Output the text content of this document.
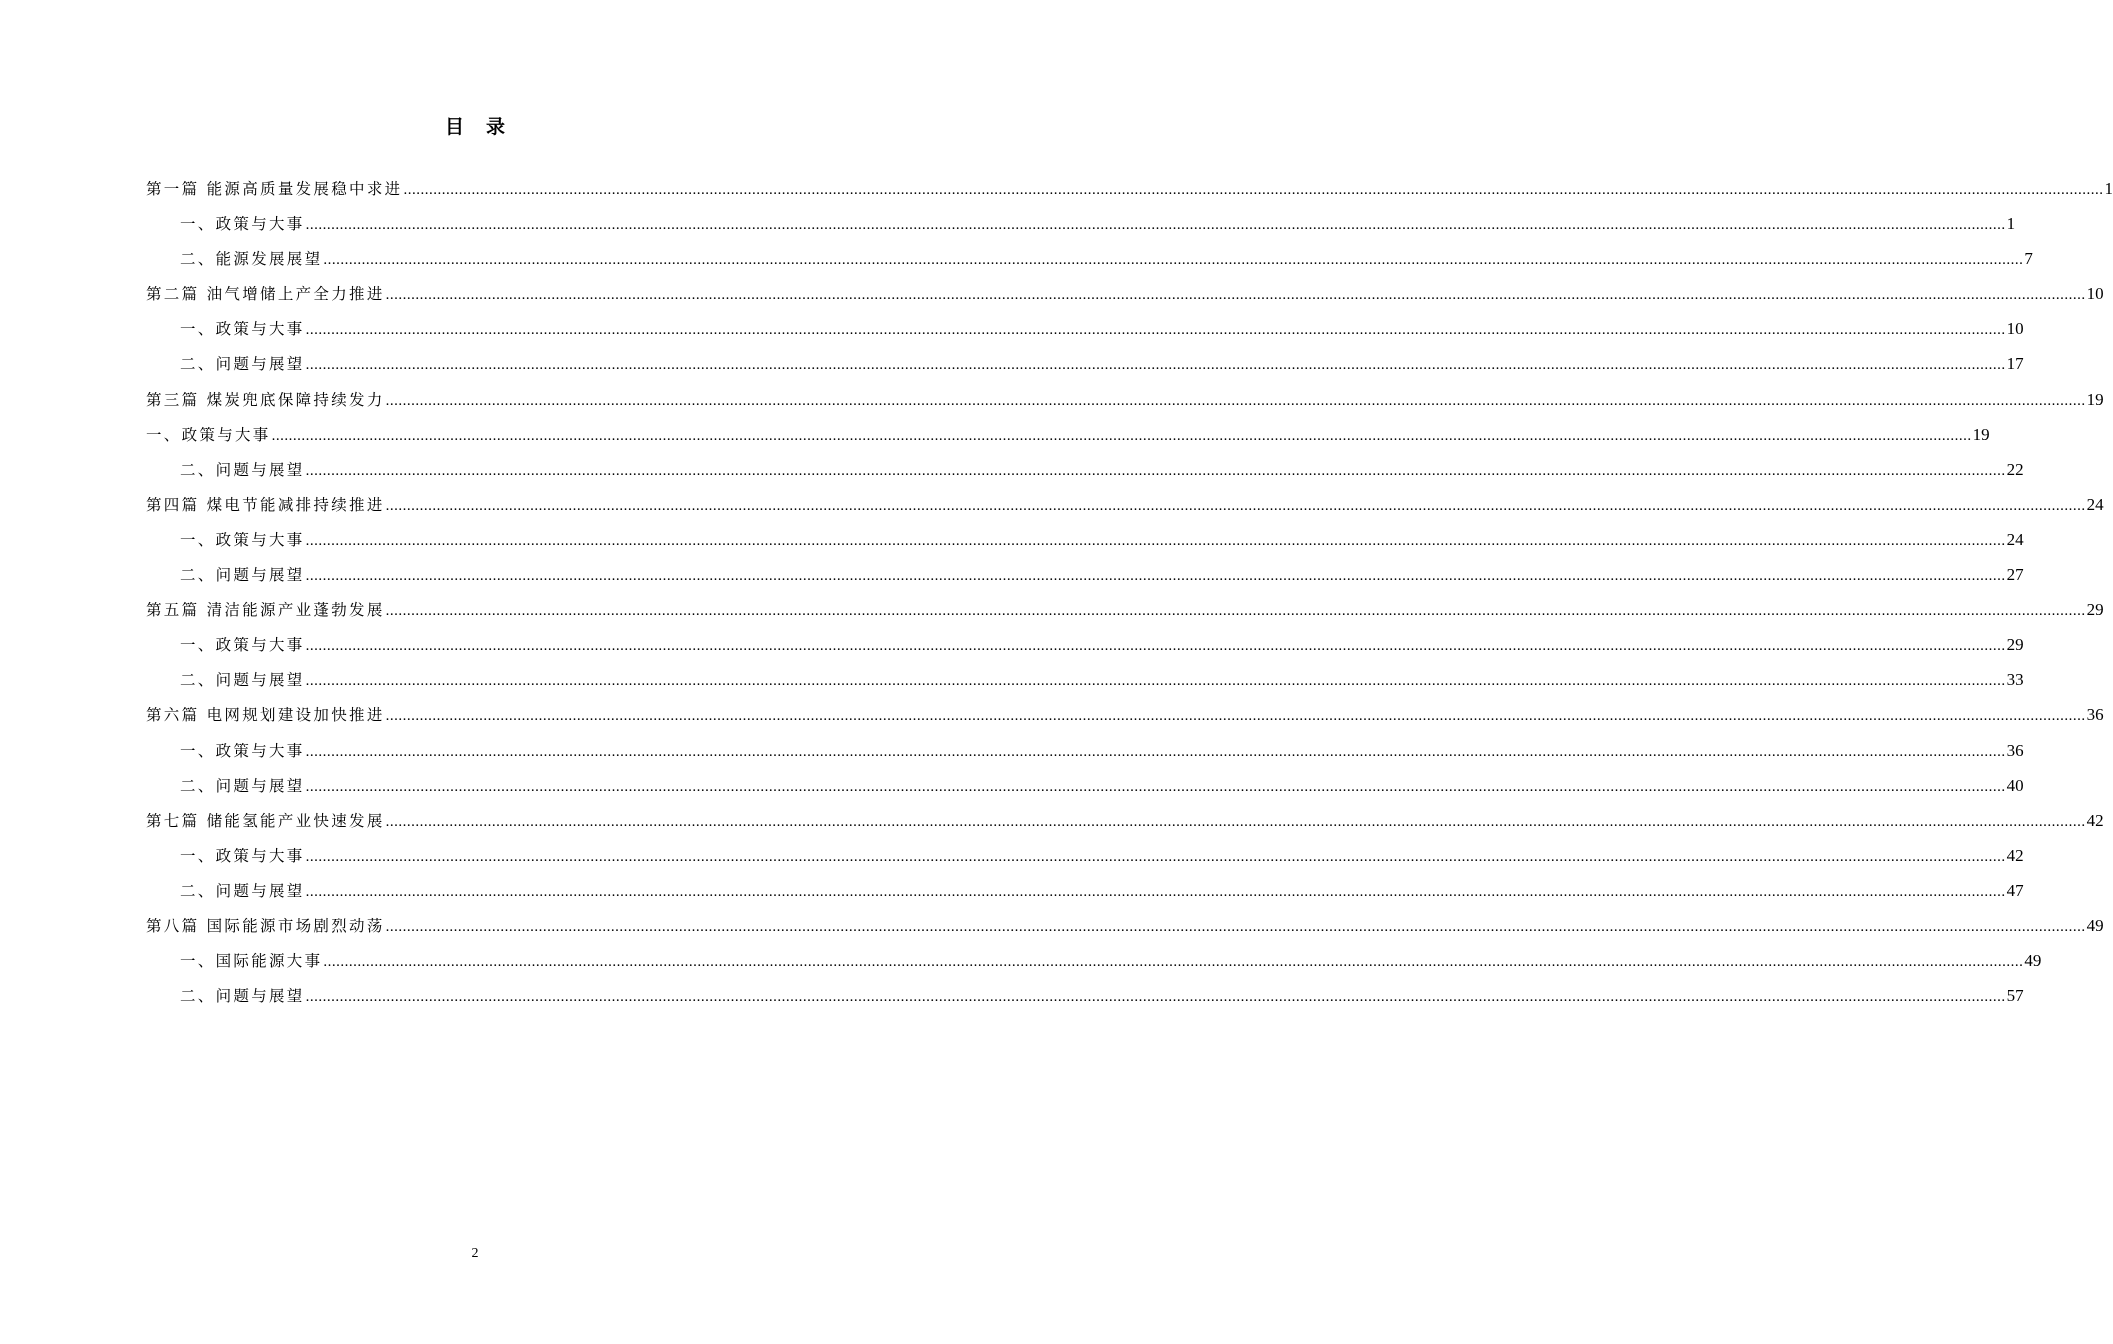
目录
第一篇 能源高质量发展稳中求进 ................................................................................................................................................................................................................................................................................................................................................................................................................ 1
一、政策与大事 ................................................................................................................................................................................................................................................................................................................................................................................................................ 1
二、能源发展展望 ................................................................................................................................................................................................................................................................................................................................................................................................................ 7
第二篇 油气增储上产全力推进 ................................................................................................................................................................................................................................................................................................................................................................................................................ 10
一、政策与大事 ................................................................................................................................................................................................................................................................................................................................................................................................................ 10
二、问题与展望 ................................................................................................................................................................................................................................................................................................................................................................................................................ 17
第三篇 煤炭兜底保障持续发力 ................................................................................................................................................................................................................................................................................................................................................................................................................ 19
一、政策与大事 ................................................................................................................................................................................................................................................................................................................................................................................................................ 19
二、问题与展望 ................................................................................................................................................................................................................................................................................................................................................................................................................ 22
第四篇 煤电节能减排持续推进 ................................................................................................................................................................................................................................................................................................................................................................................................................ 24
一、政策与大事 ................................................................................................................................................................................................................................................................................................................................................................................................................ 24
二、问题与展望 ................................................................................................................................................................................................................................................................................................................................................................................................................ 27
第五篇 清洁能源产业蓬勃发展 ................................................................................................................................................................................................................................................................................................................................................................................................................ 29
一、政策与大事 ................................................................................................................................................................................................................................................................................................................................................................................................................ 29
二、问题与展望 ................................................................................................................................................................................................................................................................................................................................................................................................................ 33
第六篇 电网规划建设加快推进 ................................................................................................................................................................................................................................................................................................................................................................................................................ 36
一、政策与大事 ................................................................................................................................................................................................................................................................................................................................................................................................................ 36
二、问题与展望 ................................................................................................................................................................................................................................................................................................................................................................................................................ 40
第七篇 储能氢能产业快速发展 ................................................................................................................................................................................................................................................................................................................................................................................................................ 42
一、政策与大事 ................................................................................................................................................................................................................................................................................................................................................................................................................ 42
二、问题与展望 ................................................................................................................................................................................................................................................................................................................................................................................................................ 47
第八篇 国际能源市场剧烈动荡 ................................................................................................................................................................................................................................................................................................................................................................................................................ 49
一、国际能源大事 ................................................................................................................................................................................................................................................................................................................................................................................................................ 49
二、问题与展望 ................................................................................................................................................................................................................................................................................................................................................................................................................ 57
2
